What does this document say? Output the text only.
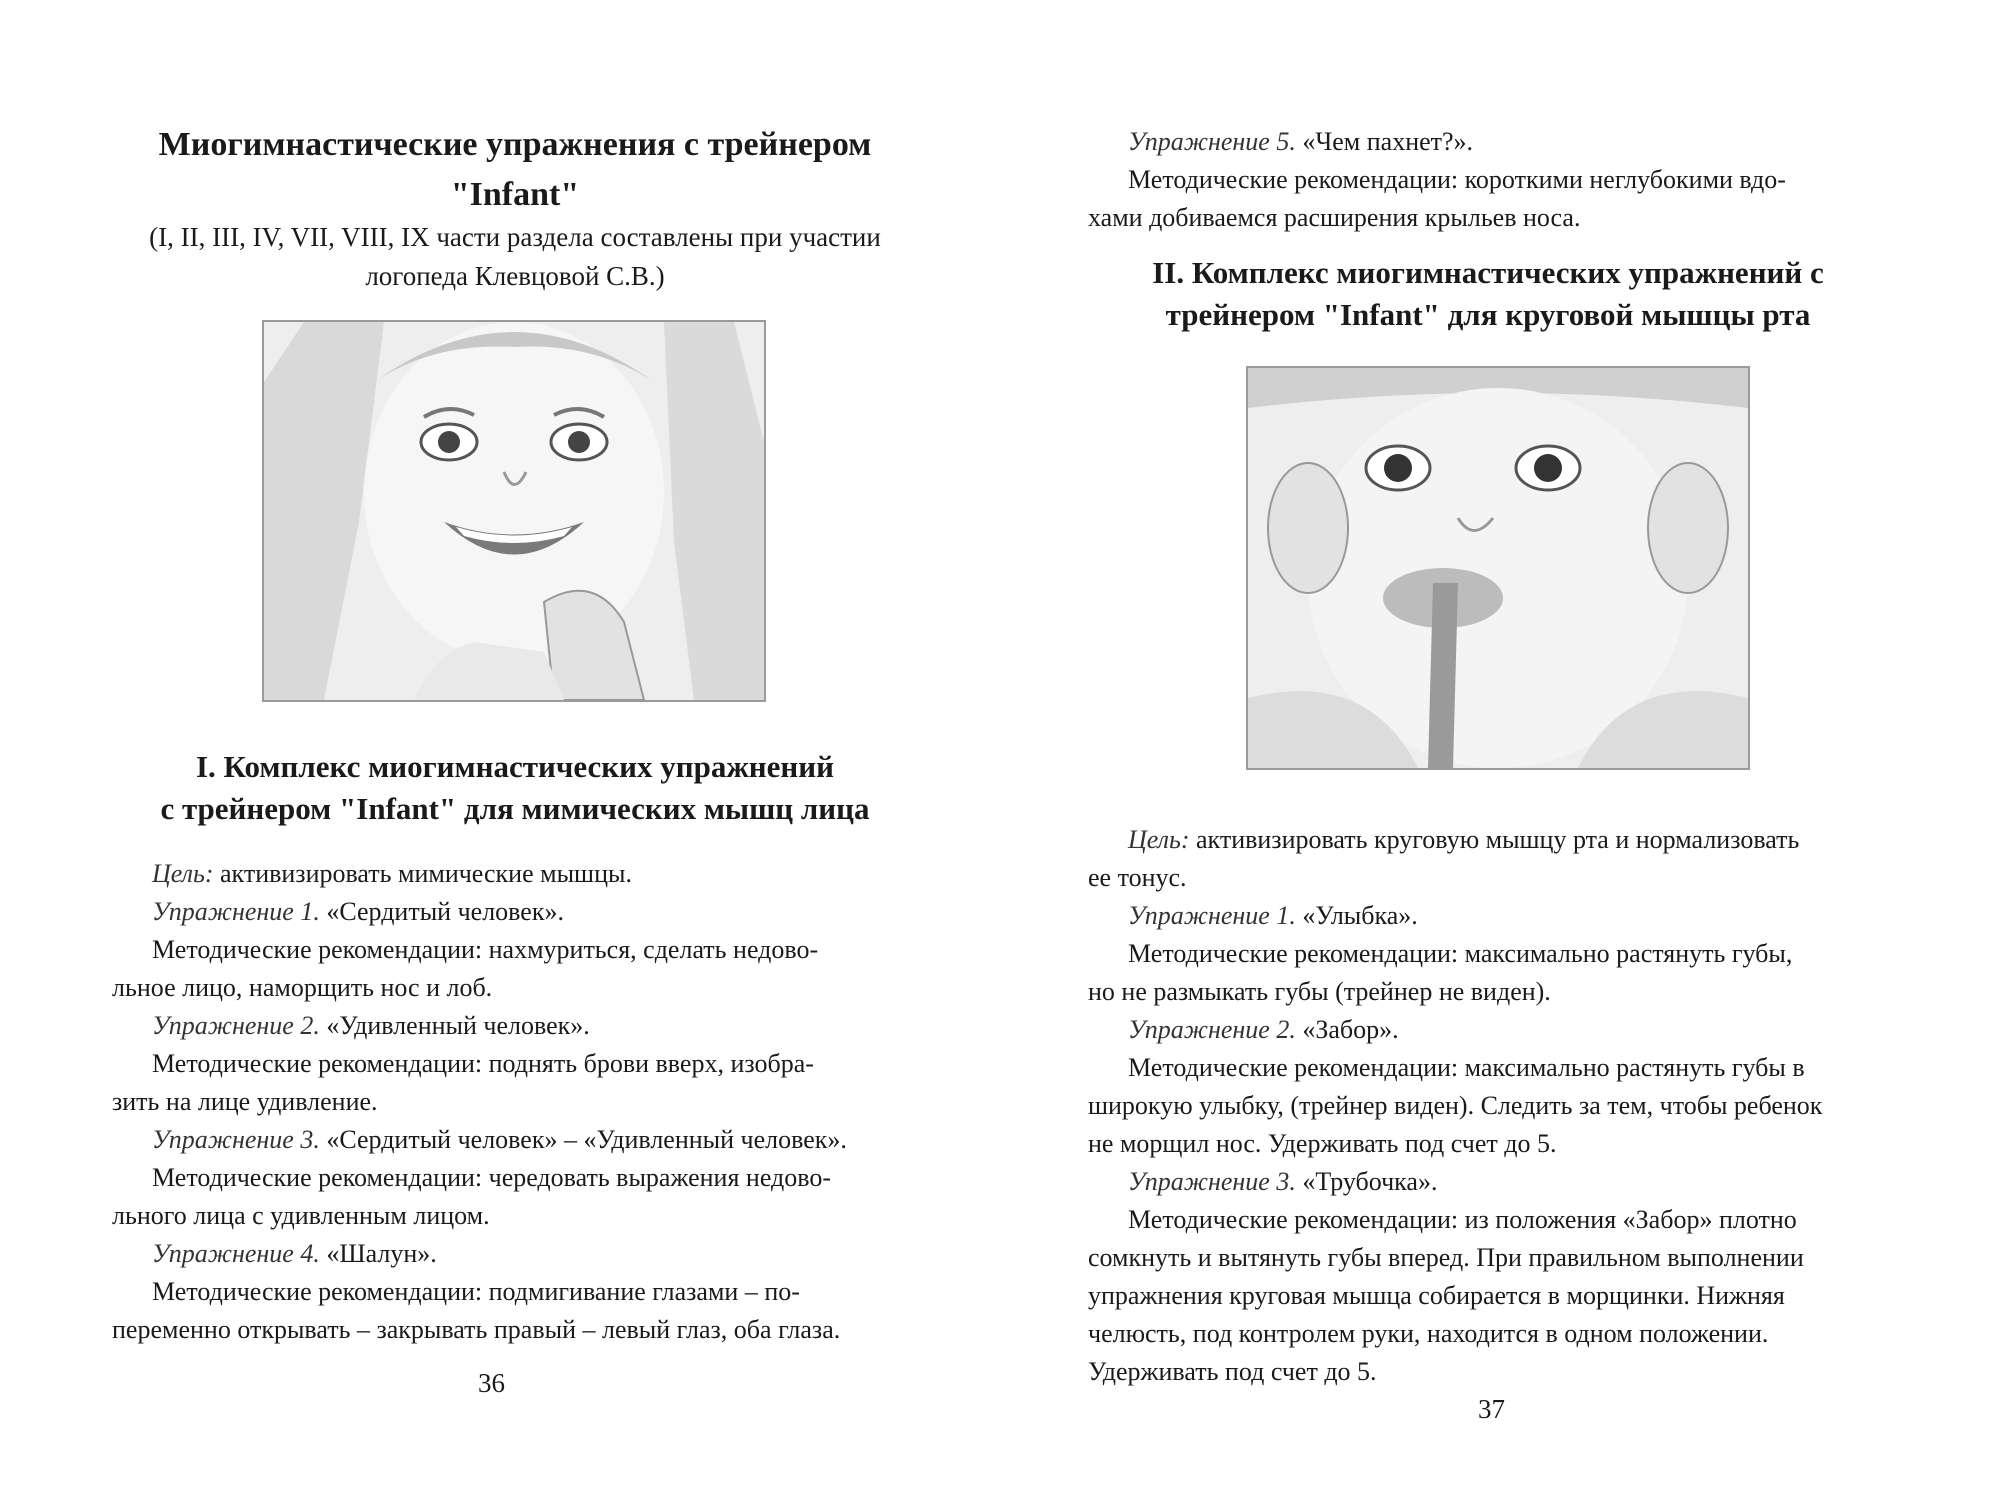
Миогимнастические упражнения с трейнером
"Infant"
(I, II, III, IV, VII, VIII, IX части раздела составлены при участии
логопеда Клевцовой С.В.)
I. Комплекс миогимнастических упражнений
с трейнером "Infant" для мимических мышц лица
Цель: активизировать мимические мышцы.
Упражнение 1. «Сердитый человек».
Методические рекомендации: нахмуриться, сделать недово-
льное лицо, наморщить нос и лоб.
Упражнение 2. «Удивленный человек».
Методические рекомендации: поднять брови вверх, изобра-
зить на лице удивление.
Упражнение 3. «Сердитый человек» – «Удивленный человек».
Методические рекомендации: чередовать выражения недово-
льного лица с удивленным лицом.
Упражнение 4. «Шалун».
Методические рекомендации: подмигивание глазами – по-
переменно открывать – закрывать правый – левый глаз, оба глаза.
36
Упражнение 5. «Чем пахнет?».
Методические рекомендации: короткими неглубокими вдо-
хами добиваемся расширения крыльев носа.
II. Комплекс миогимнастических упражнений с
трейнером "Infant" для круговой мышцы рта
Цель: активизировать круговую мышцу рта и нормализовать
ее тонус.
Упражнение 1. «Улыбка».
Методические рекомендации: максимально растянуть губы,
но не размыкать губы (трейнер не виден).
Упражнение 2. «Забор».
Методические рекомендации: максимально растянуть губы в
широкую улыбку, (трейнер виден). Следить за тем, чтобы ребенок
не морщил нос. Удерживать под счет до 5.
Упражнение 3. «Трубочка».
Методические рекомендации: из положения «Забор» плотно
сомкнуть и вытянуть губы вперед. При правильном выполнении
упражнения круговая мышца собирается в морщинки. Нижняя
челюсть, под контролем руки, находится в одном положении.
Удерживать под счет до 5.
37
